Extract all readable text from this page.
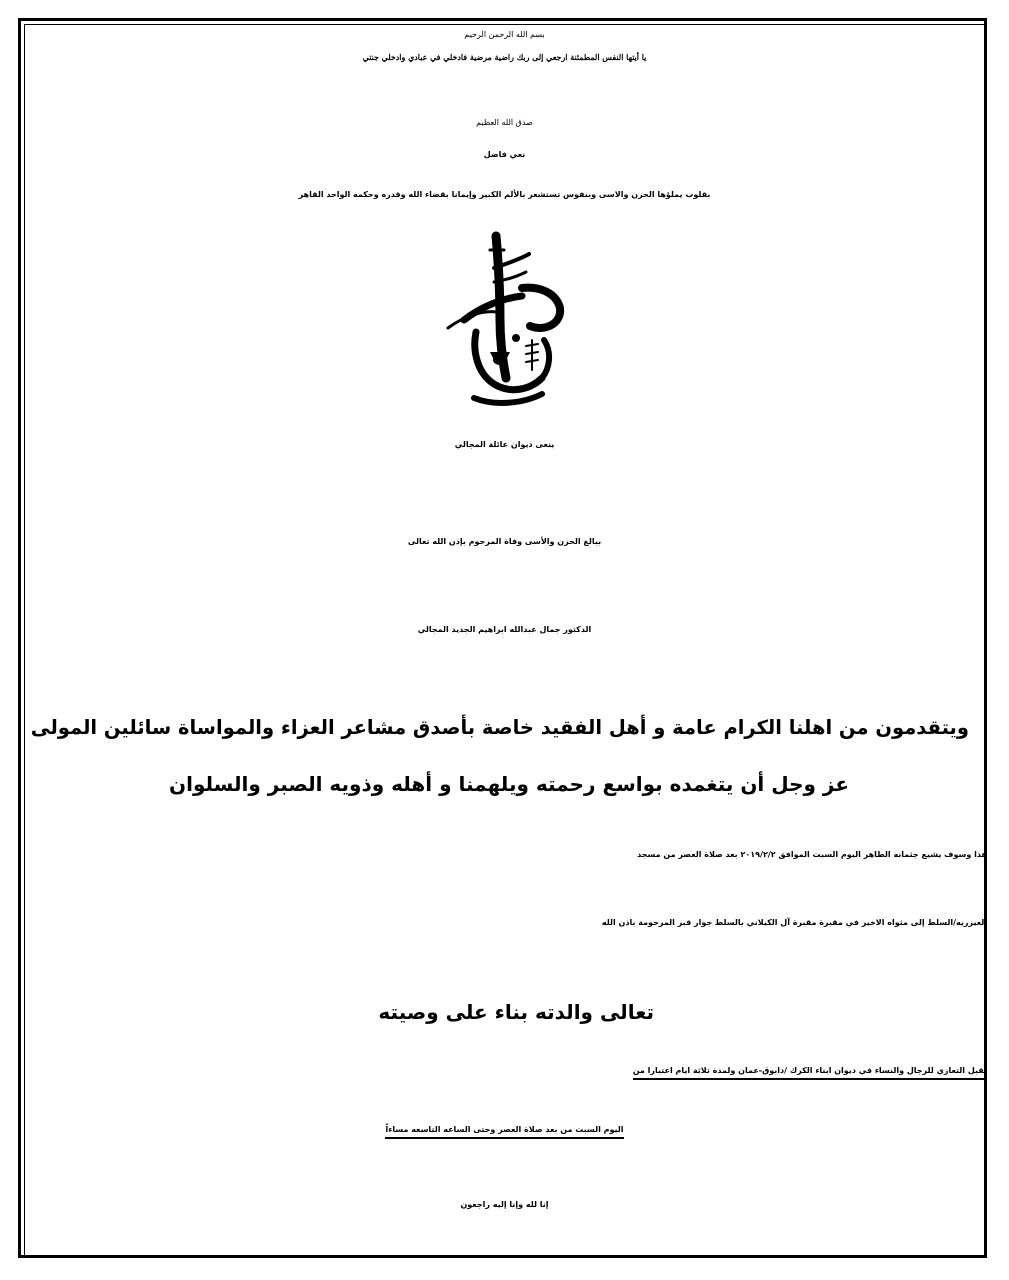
بسم الله الرحمن الرحيم
يا أيتها النفس المطمئنة ارجعي إلى ربك راضية مرضية فادخلي في عبادي وادخلي جنتي
صدق الله العظيم
نعي فاضل
بقلوب يملؤها الحزن والاسى وبنفوس تستشعر بالألم الكبير وإيمانا بقضاء الله وقدره وحكمه الواحد القاهر
ينعى ديوان عائلة المجالي
ببالغ الحزن والأسى وفاة المرحوم بإذن الله تعالى
الدكتور جمال عبدالله ابراهيم الجديد المجالي
ويتقدمون من اهلنا الكرام عامة و أهل الفقيد خاصة بأصدق مشاعر العزاء والمواساة سائلين المولى
عز وجل أن يتغمده بواسع رحمته ويلهمنا و أهله وذويه الصبر والسلوان
هذا وسوف يشيع جثمانه الطاهر اليوم السبت الموافق ٢٠١٩/٢/٢ بعد صلاة العصر من مسجد
العيزريه/السلط إلى مثواه الاخير في مقبرة مقبرة آل الكيلاني بالسلط جوار قبر المرحومة باذن الله
تعالى والدته بناء على وصيته
تقبل التعازي للرجال والنساء في ديوان ابناء الكرك /دابوق-عمان ولمدة ثلاثة ايام اعتبارا من
اليوم السبت من بعد صلاة العصر وحتى الساعه التاسعه مساءاً
إنا لله وإنا إليه راجعون
